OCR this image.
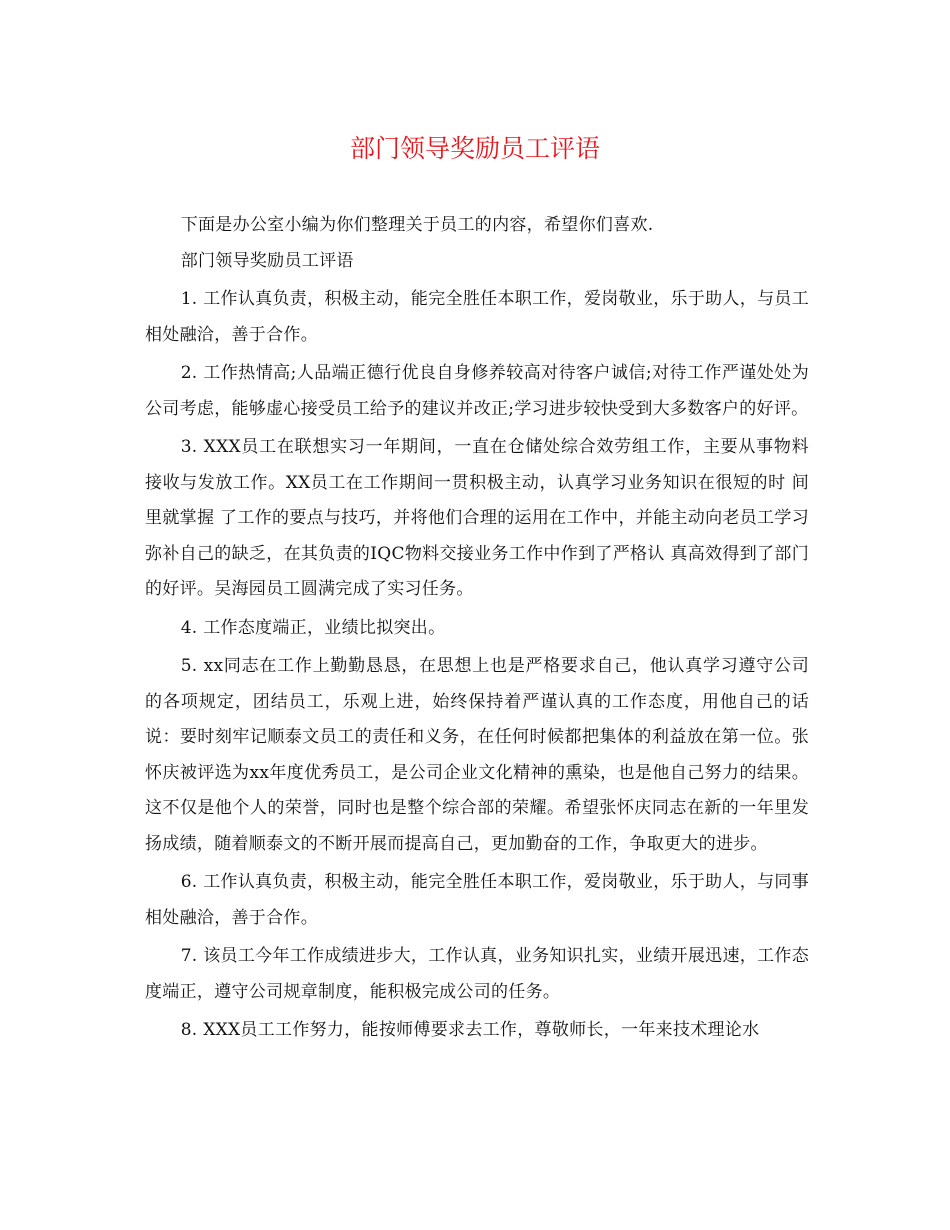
部门领导奖励员工评语

下面是办公室小编为你们整理关于员工的内容，希望你们喜欢.

部门领导奖励员工评语

1. 工作认真负责，积极主动，能完全胜任本职工作，爱岗敬业，乐于助人，与员工相处融洽，善于合作。

2. 工作热情高;人品端正德行优良自身修养较高对待客户诚信;对待工作严谨处处为公司考虑，能够虚心接受员工给予的建议并改正;学习进步较快受到大多数客户的好评。

3. XXX员工在联想实习一年期间，一直在仓储处综合效劳组工作，主要从事物料接收与发放工作。XX员工在工作期间一贯积极主动，认真学习业务知识在很短的时 间里就掌握 了工作的要点与技巧，并将他们合理的运用在工作中，并能主动向老员工学习弥补自己的缺乏，在其负责的IQC物料交接业务工作中作到了严格认 真高效得到了部门的好评。吴海园员工圆满完成了实习任务。

4. 工作态度端正，业绩比拟突出。

5. xx同志在工作上勤勤恳恳，在思想上也是严格要求自己，他认真学习遵守公司的各项规定，团结员工，乐观上进，始终保持着严谨认真的工作态度，用他自己的话说：要时刻牢记顺泰文员工的责任和义务，在任何时候都把集体的利益放在第一位。张怀庆被评选为xx年度优秀员工，是公司企业文化精神的熏染，也是他自己努力的结果。这不仅是他个人的荣誉，同时也是整个综合部的荣耀。希望张怀庆同志在新的一年里发扬成绩，随着顺泰文的不断开展而提高自己，更加勤奋的工作，争取更大的进步。

6. 工作认真负责，积极主动，能完全胜任本职工作，爱岗敬业，乐于助人，与同事相处融洽，善于合作。

7. 该员工今年工作成绩进步大，工作认真，业务知识扎实，业绩开展迅速，工作态度端正，遵守公司规章制度，能积极完成公司的任务。

8. XXX员工工作努力，能按师傅要求去工作，尊敬师长，一年来技术理论水
